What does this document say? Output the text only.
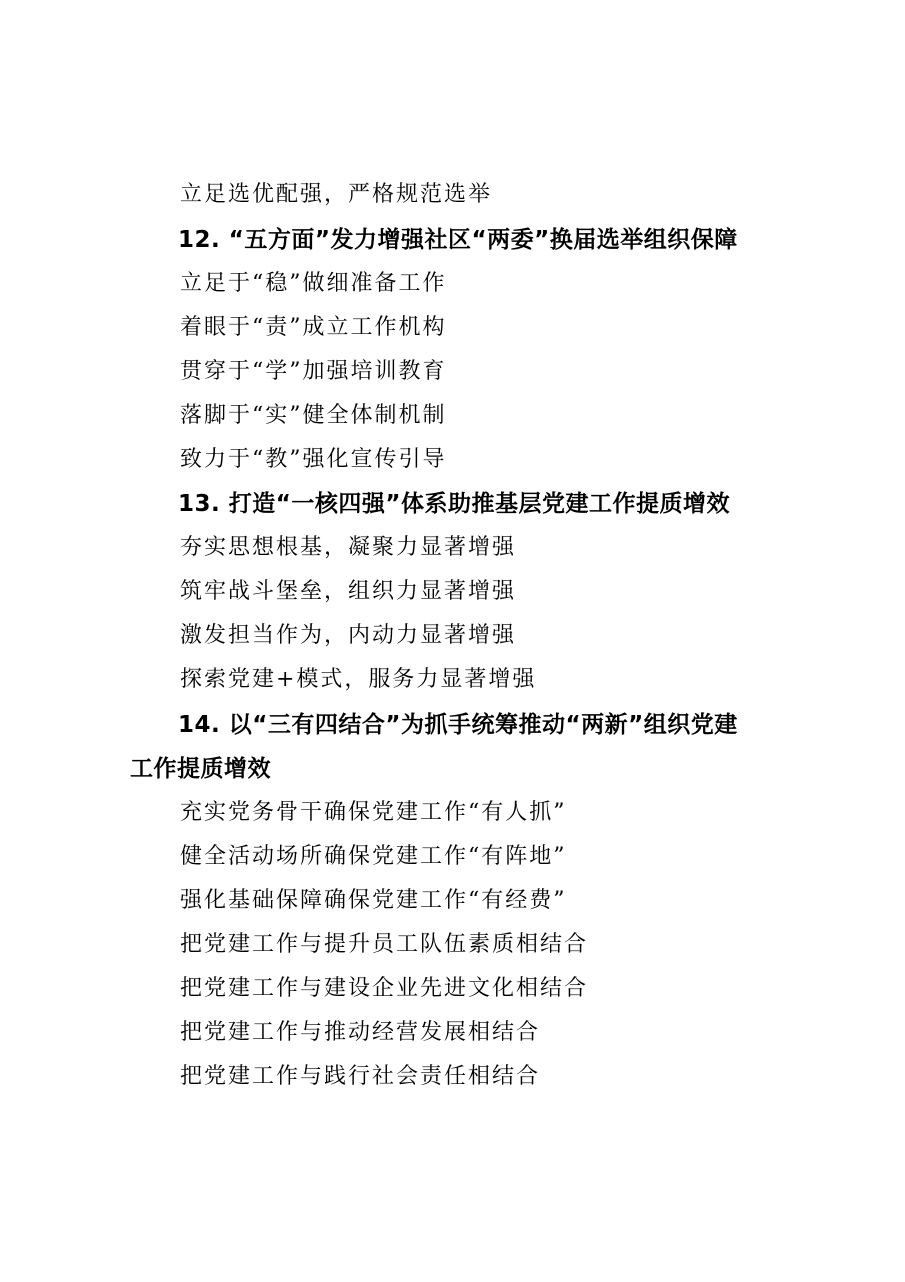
立足选优配强，严格规范选举

12. “五方面”发力增强社区“两委”换届选举组织保障

立足于“稳”做细准备工作

着眼于“责”成立工作机构

贯穿于“学”加强培训教育

落脚于“实”健全体制机制

致力于“教”强化宣传引导

13. 打造“一核四强”体系助推基层党建工作提质增效

夯实思想根基，凝聚力显著增强

筑牢战斗堡垒，组织力显著增强

激发担当作为，内动力显著增强

探索党建+模式，服务力显著增强

14. 以“三有四结合”为抓手统筹推动“两新”组织党建

工作提质增效

充实党务骨干确保党建工作“有人抓”

健全活动场所确保党建工作“有阵地”

强化基础保障确保党建工作“有经费”

把党建工作与提升员工队伍素质相结合

把党建工作与建设企业先进文化相结合

把党建工作与推动经营发展相结合

把党建工作与践行社会责任相结合
